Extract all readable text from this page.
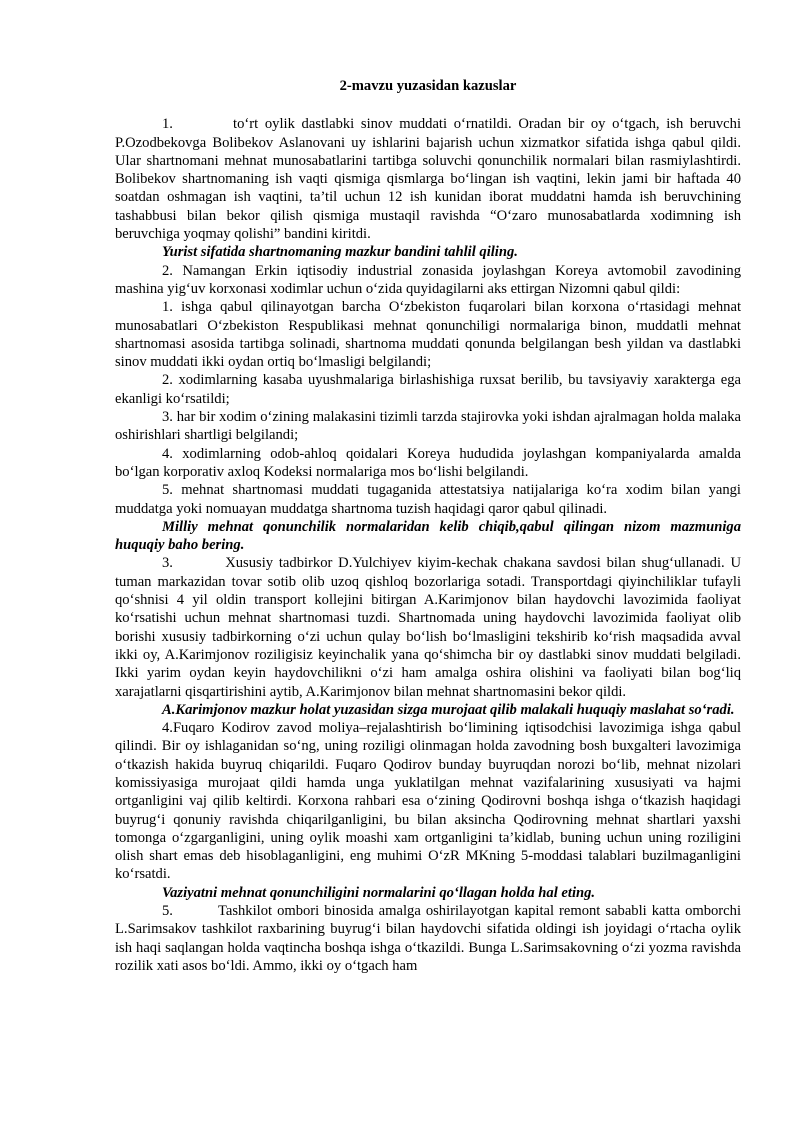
2-mavzu yuzasidan kazuslar

1.         to‘rt oylik dastlabki sinov muddati o‘rnatildi. Oradan bir oy o‘tgach, ish beruvchi P.Ozodbekovga Bolibekov Aslanovani uy ishlarini bajarish uchun xizmatkor sifatida ishga qabul qildi. Ular shartnomani mehnat munosabatlarini tartibga soluvchi qonunchilik normalari bilan rasmiylashtirdi. Bolibekov shartnomaning ish vaqti qismiga qismlarga bo‘lingan ish vaqtini, lekin jami bir haftada 40 soatdan oshmagan ish vaqtini, ta’til uchun 12 ish kunidan iborat muddatni hamda ish beruvchining tashabbusi bilan bekor qilish qismiga mustaqil ravishda “O‘zaro munosabatlarda xodimning ish beruvchiga yoqmay qolishi” bandini kiritdi.

Yurist sifatida shartnomaning mazkur bandini tahlil qiling.

2. Namangan Erkin iqtisodiy industrial zonasida joylashgan Koreya avtomobil zavodining mashina yig‘uv korxonasi xodimlar uchun o‘zida quyidagilarni aks ettirgan Nizomni qabul qildi:

1. ishga qabul qilinayotgan barcha O‘zbekiston fuqarolari bilan korxona o‘rtasidagi mehnat munosabatlari O‘zbekiston Respublikasi mehnat qonunchiligi normalariga binon, muddatli mehnat shartnomasi asosida tartibga solinadi, shartnoma muddati qonunda belgilangan besh yildan va dastlabki sinov muddati ikki oydan ortiq bo‘lmasligi belgilandi;

2. xodimlarning kasaba uyushmalariga birlashishiga ruxsat berilib, bu tavsiyaviy xarakterga ega ekanligi ko‘rsatildi;

3. har bir xodim o‘zining malakasini tizimli tarzda stajirovka yoki ishdan ajralmagan holda malaka oshirishlari shartligi belgilandi;

4. xodimlarning odob-ahloq qoidalari Koreya hududida joylashgan kompaniyalarda amalda bo‘lgan korporativ axloq Kodeksi normalariga mos bo‘lishi belgilandi.

5. mehnat shartnomasi muddati tugaganida attestatsiya natijalariga ko‘ra xodim bilan yangi muddatga yoki nomuayan muddatga shartnoma tuzish haqidagi qaror qabul qilinadi.

Milliy mehnat qonunchilik normalaridan kelib chiqib,qabul qilingan nizom mazmuniga huquqiy baho bering.

3.         Xususiy tadbirkor D.Yulchiyev kiyim-kechak chakana savdosi bilan shug‘ullanadi. U tuman markazidan tovar sotib olib uzoq qishloq bozorlariga sotadi. Transportdagi qiyinchiliklar tufayli qo‘shnisi 4 yil oldin transport kollejini bitirgan A.Karimjonov bilan haydovchi lavozimida faoliyat ko‘rsatishi uchun mehnat shartnomasi tuzdi. Shartnomada uning haydovchi lavozimida faoliyat olib borishi xususiy tadbirkorning o‘zi uchun qulay bo‘lish bo‘lmasligini tekshirib ko‘rish maqsadida avval ikki oy, A.Karimjonov roziligisiz keyinchalik yana qo‘shimcha bir oy dastlabki sinov muddati belgiladi. Ikki yarim oydan keyin haydovchilikni o‘zi ham amalga oshira olishini va faoliyati bilan bog‘liq xarajatlarni qisqartirishini aytib, A.Karimjonov bilan mehnat shartnomasini bekor qildi.

A.Karimjonov mazkur holat yuzasidan sizga murojaat qilib malakali huquqiy maslahat so‘radi.

4.Fuqaro Kodirov zavod moliya–rejalashtirish bo‘limining iqtisodchisi lavozimiga ishga qabul qilindi. Bir oy ishlaganidan so‘ng, uning roziligi olinmagan holda zavodning bosh buxgalteri lavozimiga o‘tkazish hakida buyruq chiqarildi. Fuqaro Qodirov bunday buyruqdan norozi bo‘lib, mehnat nizolari komissiyasiga murojaat qildi hamda unga yuklatilgan mehnat vazifalarining xususiyati va hajmi ortganligini vaj qilib keltirdi. Korxona rahbari esa o‘zining Qodirovni boshqa ishga o‘tkazish haqidagi buyrug‘i qonuniy ravishda chiqarilganligini, bu bilan aksincha Qodirovning mehnat shartlari yaxshi tomonga o‘zgarganligini, uning oylik moashi xam ortganligini ta’kidlab, buning uchun uning roziligini olish shart emas deb hisoblaganligini, eng muhimi O‘zR MKning 5-moddasi talablari buzilmaganligini ko‘rsatdi.

Vaziyatni mehnat qonunchiligini normalarini qo‘llagan holda hal eting.

5.         Tashkilot ombori binosida amalga oshirilayotgan kapital remont sababli katta omborchi L.Sarimsakov tashkilot raxbarining buyrug‘i bilan haydovchi sifatida oldingi ish joyidagi o‘rtacha oylik ish haqi saqlangan holda vaqtincha boshqa ishga o‘tkazildi. Bunga L.Sarimsakovning o‘zi yozma ravishda rozilik xati asos bo‘ldi. Ammo, ikki oy o‘tgach ham
